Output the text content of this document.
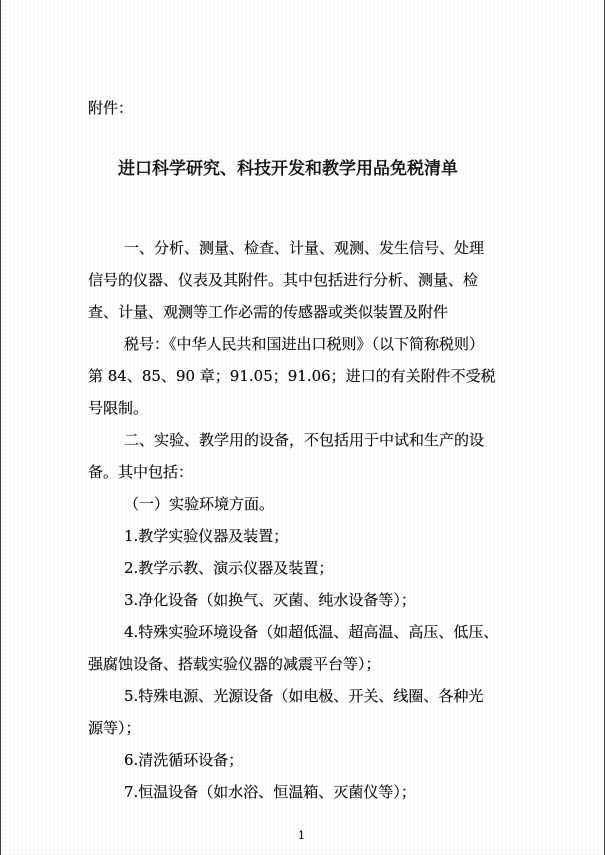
附件：

进口科学研究、科技开发和教学用品免税清单

一、分析、测量、检查、计量、观测、发生信号、处理

信号的仪器、仪表及其附件。其中包括进行分析、测量、检

查、计量、观测等工作必需的传感器或类似装置及附件

税号：《中华人民共和国进出口税则》（以下简称税则）

第 84、85、90 章；91.05；91.06；进口的有关附件不受税

号限制。

二、实验、教学用的设备，不包括用于中试和生产的设

备。其中包括：

（一）实验环境方面。

1.教学实验仪器及装置；

2.教学示教、演示仪器及装置；

3.净化设备（如换气、灭菌、纯水设备等）；

4.特殊实验环境设备（如超低温、超高温、高压、低压、

强腐蚀设备、搭载实验仪器的减震平台等）；

5.特殊电源、光源设备（如电极、开关、线圈、各种光

源等）；

1

6.清洗循环设备；

7.恒温设备（如水浴、恒温箱、灭菌仪等）；
